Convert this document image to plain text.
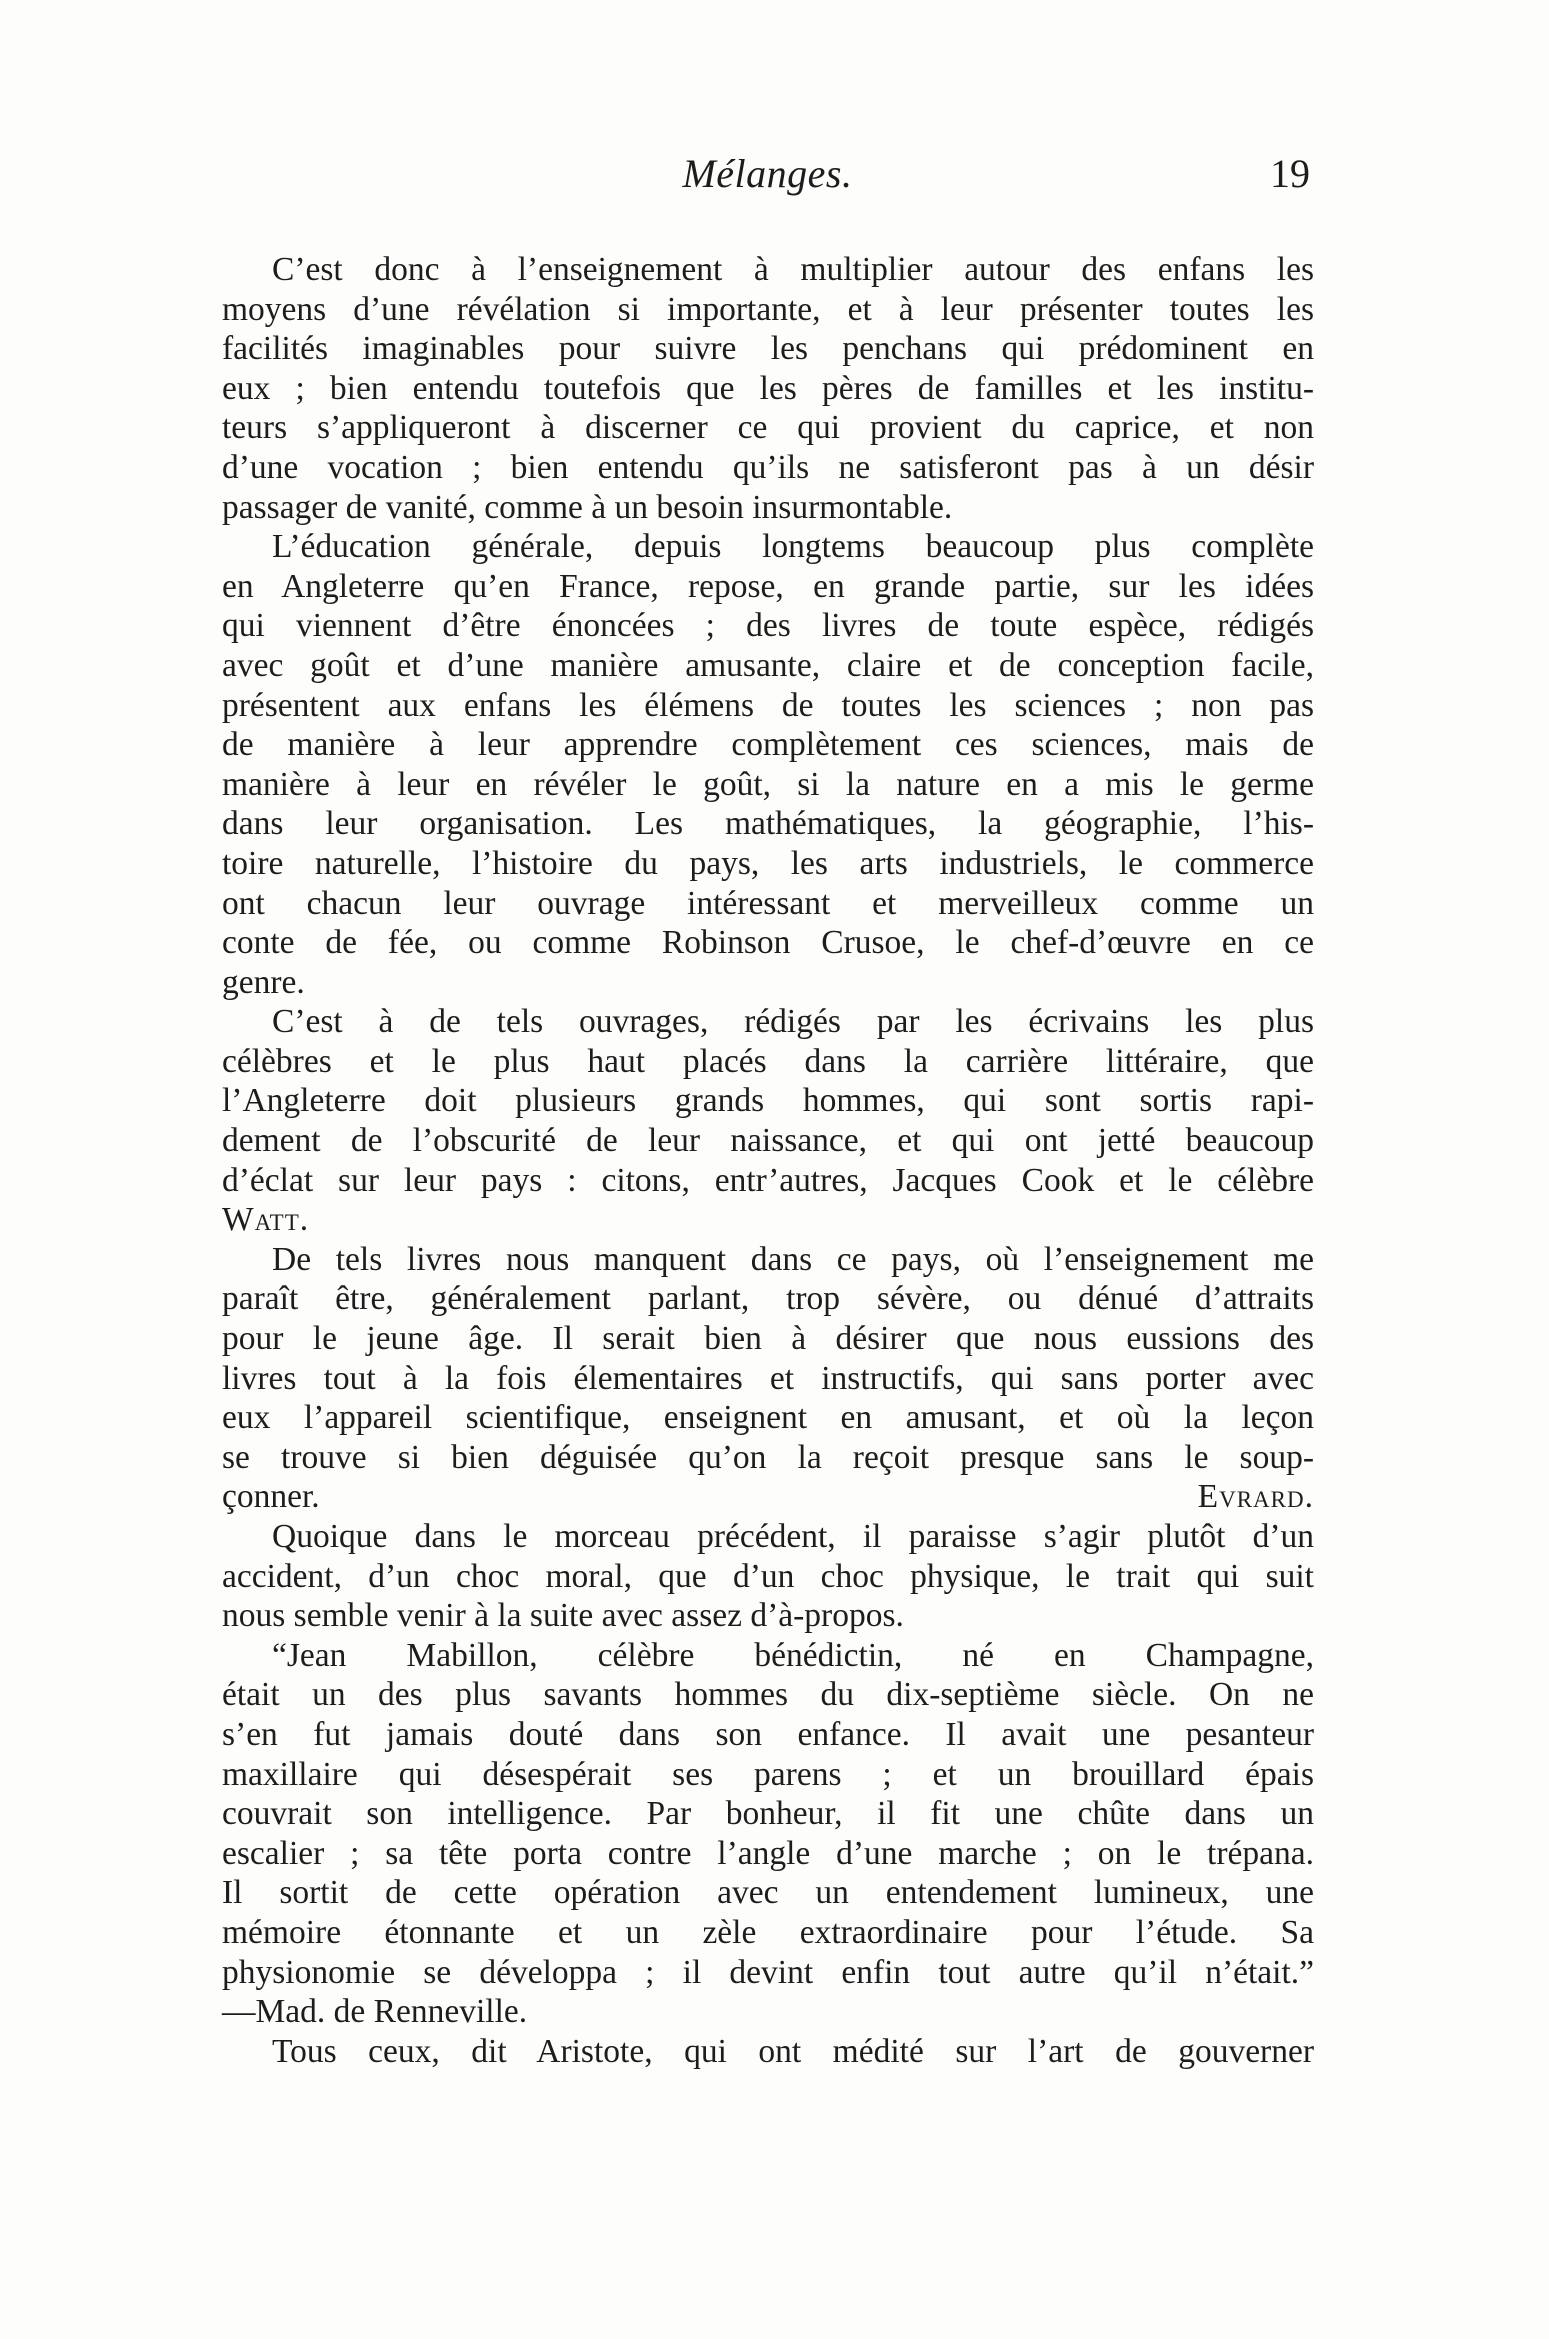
Mélanges.	19
C’est donc à l’enseignement à multiplier autour des enfans les
moyens d’une révélation si importante, et à leur présenter toutes les
facilités imaginables pour suivre les penchans qui prédominent en
eux ; bien entendu toutefois que les pères de familles et les institu-
teurs s’appliqueront à discerner ce qui provient du caprice, et non
d’une vocation ; bien entendu qu’ils ne satisferont pas à un désir
passager de vanité, comme à un besoin insurmontable.
L’éducation générale, depuis longtems beaucoup plus complète
en Angleterre qu’en France, repose, en grande partie, sur les idées
qui viennent d’être énoncées ; des livres de toute espèce, rédigés
avec goût et d’une manière amusante, claire et de conception facile,
présentent aux enfans les élémens de toutes les sciences ; non pas
de manière à leur apprendre complètement ces sciences, mais de
manière à leur en révéler le goût, si la nature en a mis le germe
dans leur organisation. Les mathématiques, la géographie, l’his-
toire naturelle, l’histoire du pays, les arts industriels, le commerce
ont chacun leur ouvrage intéressant et merveilleux comme un
conte de fée, ou comme Robinson Crusoe, le chef-d’œuvre en ce
genre.
C’est à de tels ouvrages, rédigés par les écrivains les plus
célèbres et le plus haut placés dans la carrière littéraire, que
l’Angleterre doit plusieurs grands hommes, qui sont sortis rapi-
dement de l’obscurité de leur naissance, et qui ont jetté beaucoup
d’éclat sur leur pays : citons, entr’autres, Jacques Cook et le célèbre
Watt.
De tels livres nous manquent dans ce pays, où l’enseignement me
paraît être, généralement parlant, trop sévère, ou dénué d’attraits
pour le jeune âge. Il serait bien à désirer que nous eussions des
livres tout à la fois élementaires et instructifs, qui sans porter avec
eux l’appareil scientifique, enseignent en amusant, et où la leçon
se trouve si bien déguisée qu’on la reçoit presque sans le soup-
çonner.	Evrard.
Quoique dans le morceau précédent, il paraisse s’agir plutôt d’un
accident, d’un choc moral, que d’un choc physique, le trait qui suit
nous semble venir à la suite avec assez d’à-propos.
“Jean Mabillon, célèbre bénédictin, né en Champagne,
était un des plus savants hommes du dix-septième siècle. On ne
s’en fut jamais douté dans son enfance. Il avait une pesanteur
maxillaire qui désespérait ses parens ; et un brouillard épais
couvrait son intelligence. Par bonheur, il fit une chûte dans un
escalier ; sa tête porta contre l’angle d’une marche ; on le trépana.
Il sortit de cette opération avec un entendement lumineux, une
mémoire étonnante et un zèle extraordinaire pour l’étude. Sa
physionomie se développa ; il devint enfin tout autre qu’il n’était.”
—Mad. de Renneville.
Tous ceux, dit Aristote, qui ont médité sur l’art de gouverner
